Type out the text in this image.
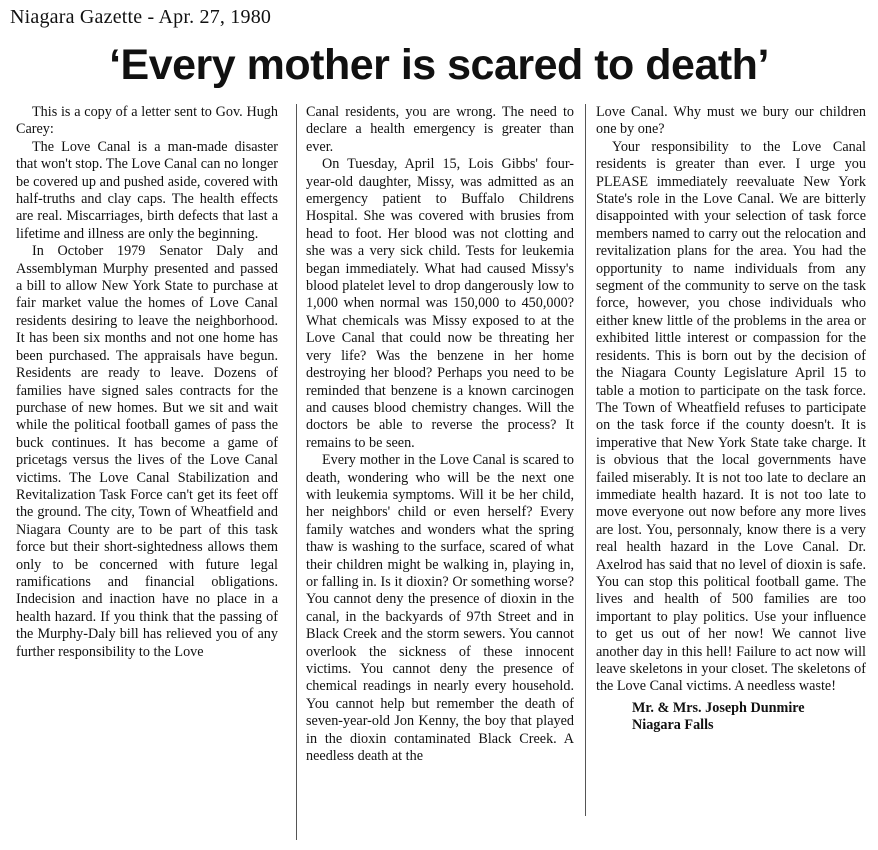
Niagara Gazette - Apr. 27, 1980
‘Every mother is scared to death’

This is a copy of a letter sent to Gov. Hugh Carey:

The Love Canal is a man-made disaster that won't stop. The Love Canal can no longer be covered up and pushed aside, covered with half-truths and clay caps. The health effects are real. Miscarriages, birth defects that last a lifetime and illness are only the beginning.

In October 1979 Senator Daly and Assemblyman Murphy presented and passed a bill to allow New York State to purchase at fair market value the homes of Love Canal residents desiring to leave the neighborhood. It has been six months and not one home has been purchased. The appraisals have begun. Residents are ready to leave. Dozens of families have signed sales contracts for the purchase of new homes. But we sit and wait while the political football games of pass the buck continues. It has become a game of pricetags versus the lives of the Love Canal victims. The Love Canal Stabilization and Revitalization Task Force can't get its feet off the ground. The city, Town of Wheatfield and Niagara County are to be part of this task force but their short-sightedness allows them only to be concerned with future legal ramifications and financial obligations. Indecision and inaction have no place in a health hazard. If you think that the passing of the Murphy-Daly bill has relieved you of any further responsibility to the Love

Canal residents, you are wrong. The need to declare a health emergency is greater than ever.

On Tuesday, April 15, Lois Gibbs' four-year-old daughter, Missy, was admitted as an emergency patient to Buffalo Childrens Hospital. She was covered with brusies from head to foot. Her blood was not clotting and she was a very sick child. Tests for leukemia began immediately. What had caused Missy's blood platelet level to drop dangerously low to 1,000 when normal was 150,000 to 450,000? What chemicals was Missy exposed to at the Love Canal that could now be threating her very life? Was the benzene in her home destroying her blood? Perhaps you need to be reminded that benzene is a known carcinogen and causes blood chemistry changes. Will the doctors be able to reverse the process? It remains to be seen.

Every mother in the Love Canal is scared to death, wondering who will be the next one with leukemia symptoms. Will it be her child, her neighbors' child or even herself? Every family watches and wonders what the spring thaw is washing to the surface, scared of what their children might be walking in, playing in, or falling in. Is it dioxin? Or something worse? You cannot deny the presence of dioxin in the canal, in the backyards of 97th Street and in Black Creek and the storm sewers. You cannot overlook the sickness of these innocent victims. You cannot deny the presence of chemical readings in nearly every household. You cannot help but remember the death of seven-year-old Jon Kenny, the boy that played in the dioxin contaminated Black Creek. A needless death at the

Love Canal. Why must we bury our children one by one?

Your responsibility to the Love Canal residents is greater than ever. I urge you PLEASE immediately reevaluate New York State's role in the Love Canal. We are bitterly disappointed with your selection of task force members named to carry out the relocation and revitalization plans for the area. You had the opportunity to name individuals from any segment of the community to serve on the task force, however, you chose individuals who either knew little of the problems in the area or exhibited little interest or compassion for the residents. This is born out by the decision of the Niagara County Legislature April 15 to table a motion to participate on the task force. The Town of Wheatfield refuses to participate on the task force if the county doesn't. It is imperative that New York State take charge. It is obvious that the local governments have failed miserably. It is not too late to declare an immediate health hazard. It is not too late to move everyone out now before any more lives are lost. You, personnaly, know there is a very real health hazard in the Love Canal. Dr. Axelrod has said that no level of dioxin is safe. You can stop this political football game. The lives and health of 500 families are too important to play politics. Use your influence to get us out of her now! We cannot live another day in this hell! Failure to act now will leave skeletons in your closet. The skeletons of the Love Canal victims. A needless waste!

Mr. & Mrs. Joseph Dunmire
Niagara Falls
